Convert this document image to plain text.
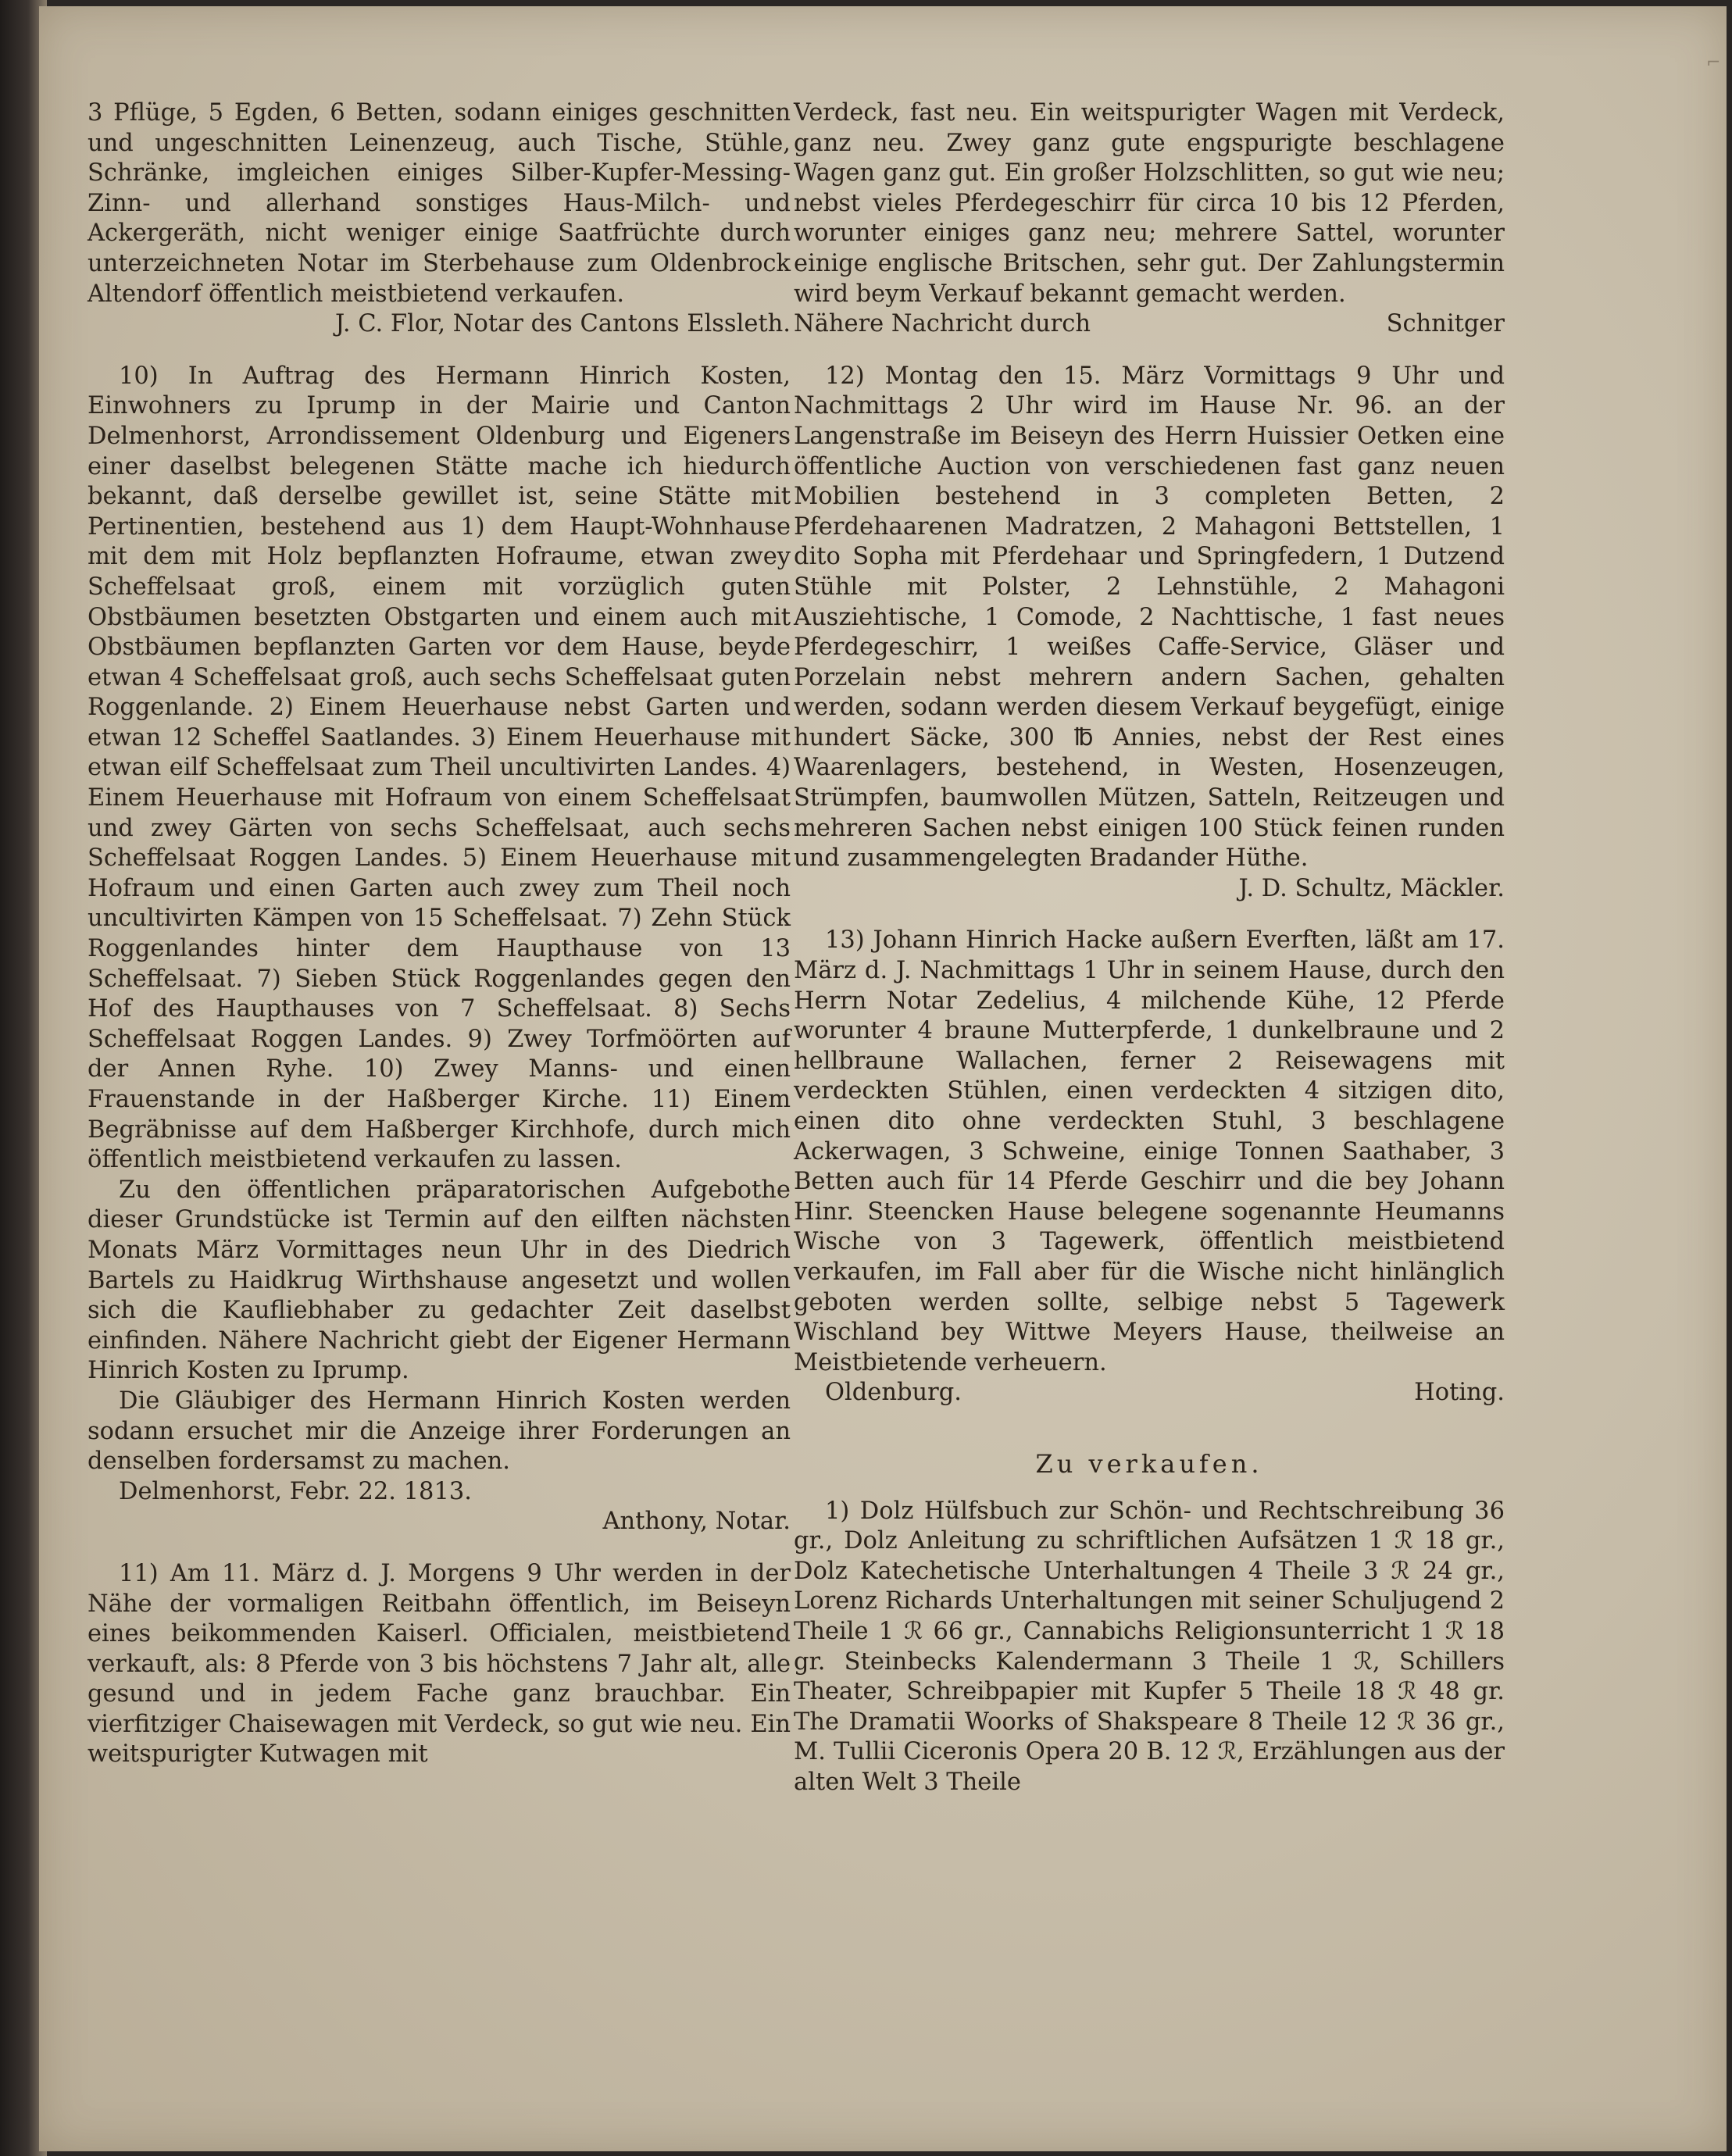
⌐

3 Pflüge, 5 Egden, 6 Betten, sodann einiges geschnitten und ungeschnitten Leinenzeug, auch Tische, Stühle, Schränke, imgleichen einiges Silber-Kupfer-Messing-Zinn- und allerhand sonstiges Haus-Milch- und Ackergeräth, nicht weniger einige Saatfrüchte durch unterzeichneten Notar im Sterbehause zum Oldenbrock Altendorf öffentlich meistbietend verkaufen.

J. C. Flor, Notar des Cantons Elssleth.

10) In Auftrag des Hermann Hinrich Kosten, Einwohners zu Iprump in der Mairie und Canton Delmenhorst, Arrondissement Oldenburg und Eigeners einer daselbst belegenen Stätte mache ich hiedurch bekannt, daß derselbe gewillet ist, seine Stätte mit Pertinentien, bestehend aus 1) dem Haupt-Wohnhause mit dem mit Holz bepflanzten Hofraume, etwan zwey Scheffelsaat groß, einem mit vorzüglich guten Obstbäumen besetzten Obstgarten und einem auch mit Obstbäumen bepflanzten Garten vor dem Hause, beyde etwan 4 Scheffelsaat groß, auch sechs Scheffelsaat guten Roggenlande. 2) Einem Heuerhause nebst Garten und etwan 12 Scheffel Saatlandes. 3) Einem Heuerhause mit etwan eilf Scheffelsaat zum Theil uncultivirten Landes. 4) Einem Heuerhause mit Hofraum von einem Scheffelsaat und zwey Gärten von sechs Scheffelsaat, auch sechs Scheffelsaat Roggen Landes. 5) Einem Heuerhause mit Hofraum und einen Garten auch zwey zum Theil noch uncultivirten Kämpen von 15 Scheffelsaat. 7) Zehn Stück Roggenlandes hinter dem Haupthause von 13 Scheffelsaat. 7) Sieben Stück Roggenlandes gegen den Hof des Haupthauses von 7 Scheffelsaat. 8) Sechs Scheffelsaat Roggen Landes. 9) Zwey Torfmöörten auf der Annen Ryhe. 10) Zwey Manns- und einen Frauenstande in der Haßberger Kirche. 11) Einem Begräbnisse auf dem Haßberger Kirchhofe, durch mich öffentlich meistbietend verkaufen zu lassen.

Zu den öffentlichen präparatorischen Aufgebothe dieser Grundstücke ist Termin auf den eilften nächsten Monats März Vormittages neun Uhr in des Diedrich Bartels zu Haidkrug Wirthshause angesetzt und wollen sich die Kaufliebhaber zu gedachter Zeit daselbst einfinden. Nähere Nachricht giebt der Eigener Hermann Hinrich Kosten zu Iprump.

Die Gläubiger des Hermann Hinrich Kosten werden sodann ersuchet mir die Anzeige ihrer Forderungen an denselben fordersamst zu machen.

Delmenhorst, Febr. 22. 1813.

Anthony, Notar.

11) Am 11. März d. J. Morgens 9 Uhr werden in der Nähe der vormaligen Reitbahn öffentlich, im Beiseyn eines beikommenden Kaiserl. Officialen, meistbietend verkauft, als: 8 Pferde von 3 bis höchstens 7 Jahr alt, alle gesund und in jedem Fache ganz brauchbar. Ein vierfitziger Chaisewagen mit Verdeck, so gut wie neu. Ein weitspurigter Kutwagen mit

Verdeck, fast neu. Ein weitspurigter Wagen mit Verdeck, ganz neu. Zwey ganz gute engspurigte beschlagene Wagen ganz gut. Ein großer Holzschlitten, so gut wie neu; nebst vieles Pferdegeschirr für circa 10 bis 12 Pferden, worunter einiges ganz neu; mehrere Sattel, worunter einige englische Britschen, sehr gut. Der Zahlungstermin wird beym Verkauf bekannt gemacht werden.

Nähere Nachricht durch	Schnitger

12) Montag den 15. März Vormittags 9 Uhr und Nachmittags 2 Uhr wird im Hause Nr. 96. an der Langenstraße im Beiseyn des Herrn Huissier Oetken eine öffentliche Auction von verschiedenen fast ganz neuen Mobilien bestehend in 3 completen Betten, 2 Pferdehaarenen Madratzen, 2 Mahagoni Bettstellen, 1 dito Sopha mit Pferdehaar und Springfedern, 1 Dutzend Stühle mit Polster, 2 Lehnstühle, 2 Mahagoni Ausziehtische, 1 Comode, 2 Nachttische, 1 fast neues Pferdegeschirr, 1 weißes Caffe-Service, Gläser und Porzelain nebst mehrern andern Sachen, gehalten werden, sodann werden diesem Verkauf beygefügt, einige hundert Säcke, 300 ℔ Annies, nebst der Rest eines Waarenlagers, bestehend, in Westen, Hosenzeugen, Strümpfen, baumwollen Mützen, Satteln, Reitzeugen und mehreren Sachen nebst einigen 100 Stück feinen runden und zusammengelegten Bradander Hüthe.

J. D. Schultz, Mäckler.

13) Johann Hinrich Hacke außern Everften, läßt am 17. März d. J. Nachmittags 1 Uhr in seinem Hause, durch den Herrn Notar Zedelius, 4 milchende Kühe, 12 Pferde worunter 4 braune Mutterpferde, 1 dunkelbraune und 2 hellbraune Wallachen, ferner 2 Reisewagens mit verdeckten Stühlen, einen verdeckten 4 sitzigen dito, einen dito ohne verdeckten Stuhl, 3 beschlagene Ackerwagen, 3 Schweine, einige Tonnen Saathaber, 3 Betten auch für 14 Pferde Geschirr und die bey Johann Hinr. Steencken Hause belegene sogenannte Heumanns Wische von 3 Tagewerk, öffentlich meistbietend verkaufen, im Fall aber für die Wische nicht hinlänglich geboten werden sollte, selbige nebst 5 Tagewerk Wischland bey Wittwe Meyers Hause, theilweise an Meistbietende verheuern.

Oldenburg.	Hoting.
Zu verkaufen.

1) Dolz Hülfsbuch zur Schön- und Rechtschreibung 36 gr., Dolz Anleitung zu schriftlichen Aufsätzen 1 ℛ 18 gr., Dolz Katechetische Unterhaltungen 4 Theile 3 ℛ 24 gr., Lorenz Richards Unterhaltungen mit seiner Schuljugend 2 Theile 1 ℛ 66 gr., Cannabichs Religionsunterricht 1 ℛ 18 gr. Steinbecks Kalendermann 3 Theile 1 ℛ, Schillers Theater, Schreibpapier mit Kupfer 5 Theile 18 ℛ 48 gr. The Dramatii Woorks of Shakspeare 8 Theile 12 ℛ 36 gr., M. Tullii Ciceronis Opera 20 B. 12 ℛ, Erzählungen aus der alten Welt 3 Theile
